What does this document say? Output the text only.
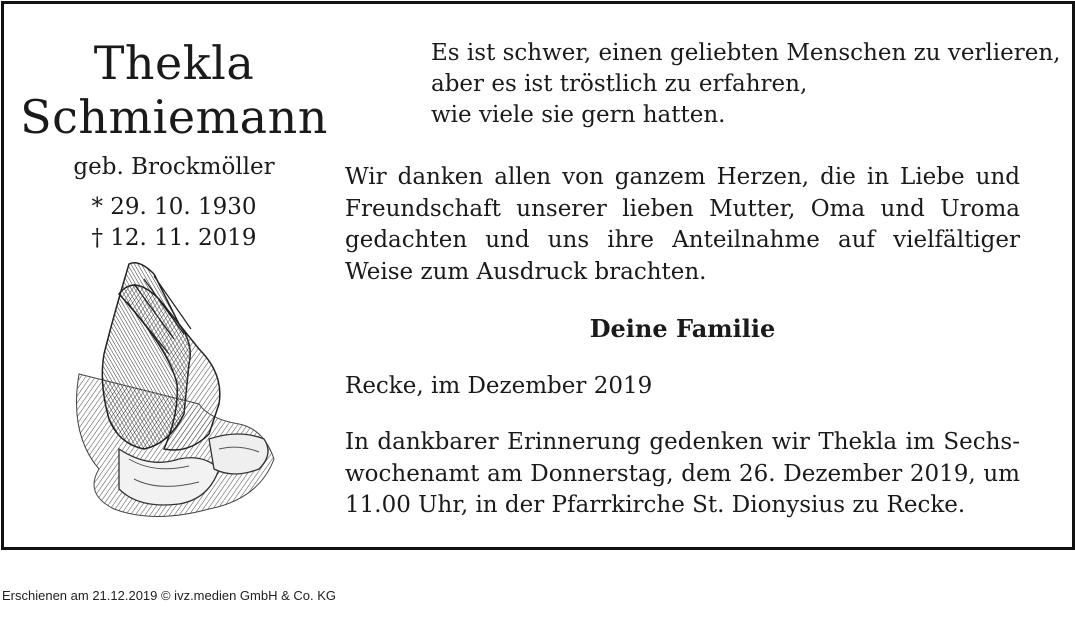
Thekla
Schmiemann
geb. Brockmöller
* 29. 10. 1930
† 12. 11. 2019
Es ist schwer, einen geliebten Menschen zu verlieren,
aber es ist tröstlich zu erfahren,
wie viele sie gern hatten.
Wir danken allen von ganzem Herzen, die in Liebe und Freundschaft unserer lieben Mutter, Oma und Uroma gedachten und uns ihre Anteilnahme auf vielfältiger Weise zum Ausdruck brachten.
Deine Familie
Recke, im Dezember 2019
In dankbarer Erinnerung gedenken wir Thekla im Sechswochenamt am Donnerstag, dem 26. Dezember 2019, um 11.00 Uhr, in der Pfarrkirche St. Dionysius zu Recke.
Erschienen am 21.12.2019 © ivz.medien GmbH & Co. KG
